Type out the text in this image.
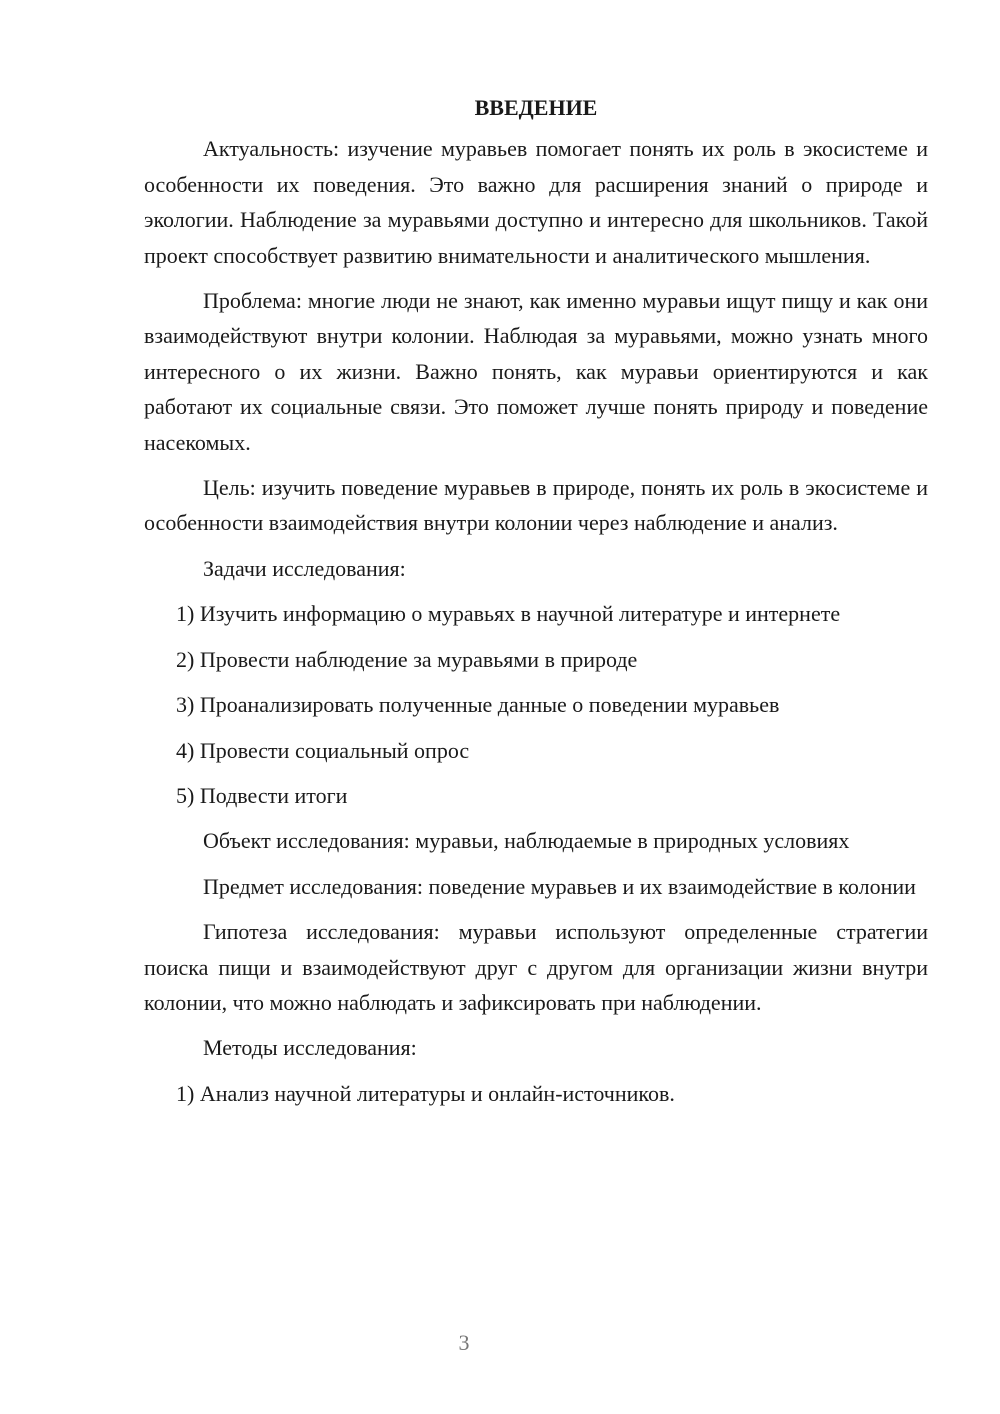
ВВЕДЕНИЕ

Актуальность: изучение муравьев помогает понять их роль в экосистеме и особенности их поведения. Это важно для расширения знаний о природе и экологии. Наблюдение за муравьями доступно и интересно для школьников. Такой проект способствует развитию внимательности и аналитического мышления.

Проблема: многие люди не знают, как именно муравьи ищут пищу и как они взаимодействуют внутри колонии. Наблюдая за муравьями, можно узнать много интересного о их жизни. Важно понять, как муравьи ориентируются и как работают их социальные связи. Это поможет лучше понять природу и поведение насекомых.

Цель: изучить поведение муравьев в природе, понять их роль в экосистеме и особенности взаимодействия внутри колонии через наблюдение и анализ.

Задачи исследования:

1) Изучить информацию о муравьях в научной литературе и интернете

2) Провести наблюдение за муравьями в природе

3) Проанализировать полученные данные о поведении муравьев

4) Провести социальный опрос

5) Подвести итоги

Объект исследования: муравьи, наблюдаемые в природных условиях

Предмет исследования: поведение муравьев и их взаимодействие в колонии

Гипотеза исследования: муравьи используют определенные стратегии поиска пищи и взаимодействуют друг с другом для организации жизни внутри колонии, что можно наблюдать и зафиксировать при наблюдении.

Методы исследования:

1) Анализ научной литературы и онлайн-источников.

3
